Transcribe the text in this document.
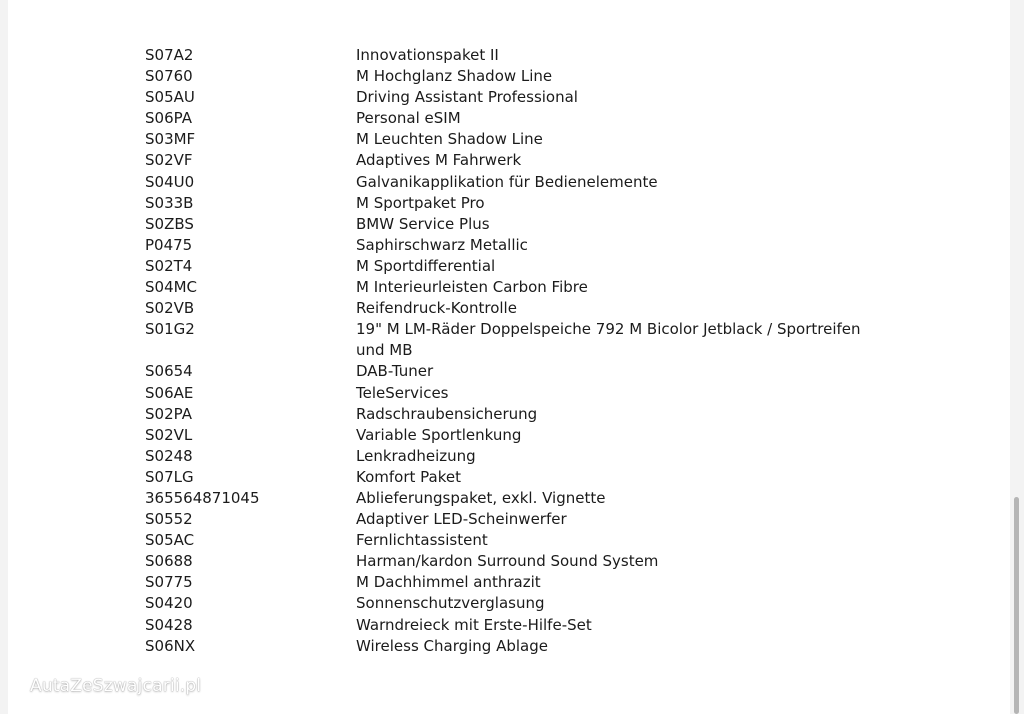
S07A2	Innovationspaket II
S0760	M Hochglanz Shadow Line
S05AU	Driving Assistant Professional
S06PA	Personal eSIM
S03MF	M Leuchten Shadow Line
S02VF	Adaptives M Fahrwerk
S04U0	Galvanikapplikation für Bedienelemente
S033B	M Sportpaket Pro
S0ZBS	BMW Service Plus
P0475	Saphirschwarz Metallic
S02T4	M Sportdifferential
S04MC	M Interieurleisten Carbon Fibre
S02VB	Reifendruck-Kontrolle
S01G2	19" M LM-Räder Doppelspeiche 792 M Bicolor Jetblack / Sportreifen und MB
S0654	DAB-Tuner
S06AE	TeleServices
S02PA	Radschraubensicherung
S02VL	Variable Sportlenkung
S0248	Lenkradheizung
S07LG	Komfort Paket
365564871045	Ablieferungspaket, exkl. Vignette
S0552	Adaptiver LED-Scheinwerfer
S05AC	Fernlichtassistent
S0688	Harman/kardon Surround Sound System
S0775	M Dachhimmel anthrazit
S0420	Sonnenschutzverglasung
S0428	Warndreieck mit Erste-Hilfe-Set
S06NX	Wireless Charging Ablage
AutaZeSzwajcarii.pl
